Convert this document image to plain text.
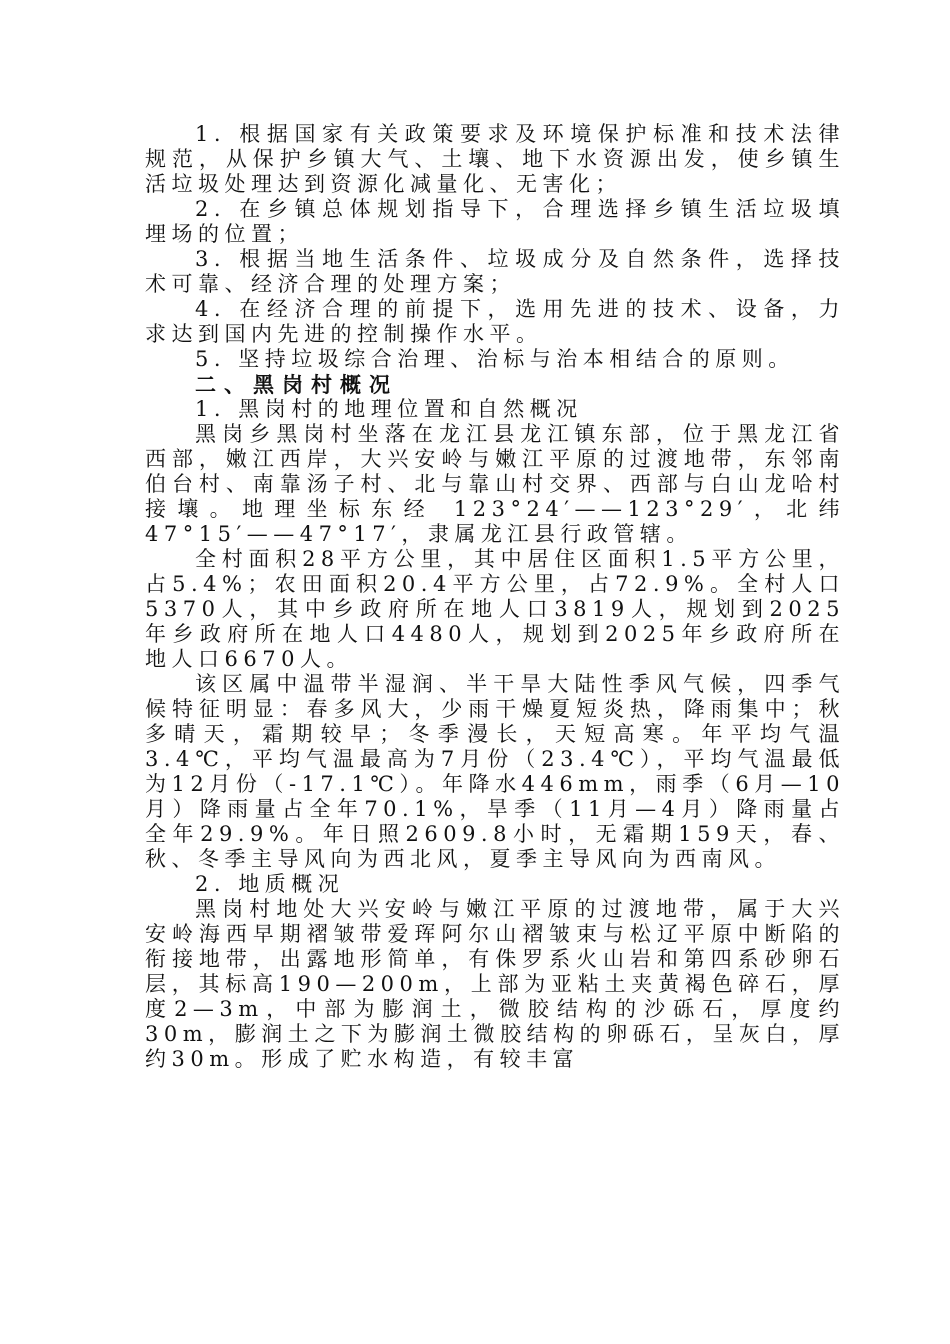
1. 根据国家有关政策要求及环境保护标准和技术法律规范，从保护乡镇大气、土壤、地下水资源出发，使乡镇生活垃圾处理达到资源化减量化、无害化；

2. 在乡镇总体规划指导下，合理选择乡镇生活垃圾填埋场的位置；

3. 根据当地生活条件、垃圾成分及自然条件，选择技术可靠、经济合理的处理方案；

4. 在经济合理的前提下，选用先进的技术、设备，力求达到国内先进的控制操作水平。

5. 坚持垃圾综合治理、治标与治本相结合的原则。

二、黑岗村概况

1. 黑岗村的地理位置和自然概况

黑岗乡黑岗村坐落在龙江县龙江镇东部，位于黑龙江省西部，嫩江西岸，大兴安岭与嫩江平原的过渡地带，东邻南伯台村、南靠汤子村、北与靠山村交界、西部与白山龙哈村接壤。地理坐标东经 123°24′——123°29′，北纬 47°15′——47°17′，隶属龙江县行政管辖。

全村面积28平方公里，其中居住区面积1.5平方公里，占5.4%；农田面积20.4平方公里，占72.9%。全村人口5370人，其中乡政府所在地人口3819人，规划到2025年乡政府所在地人口4480人，规划到2025年乡政府所在地人口6670人。

该区属中温带半湿润、半干旱大陆性季风气候，四季气候特征明显：春多风大，少雨干燥夏短炎热，降雨集中；秋多晴天，霜期较早；冬季漫长，天短高寒。年平均气温3.4℃，平均气温最高为7月份（23.4℃），平均气温最低为12月份（-17.1℃）。年降水446mm，雨季（6月—10月）降雨量占全年70.1%，旱季（11月—4月）降雨量占全年29.9%。年日照2609.8小时，无霜期159天，春、秋、冬季主导风向为西北风，夏季主导风向为西南风。

2. 地质概况

黑岗村地处大兴安岭与嫩江平原的过渡地带，属于大兴安岭海西早期褶皱带爱珲阿尔山褶皱束与松辽平原中断陷的衔接地带，出露地形简单，有侏罗系火山岩和第四系砂卵石层，其标高190—200m，上部为亚粘土夹黄褐色碎石，厚度2—3m，中部为膨润土，微胶结构的沙砾石，厚度约30m，膨润土之下为膨润土微胶结构的卵砾石，呈灰白，厚约30m。形成了贮水构造，有较丰富
